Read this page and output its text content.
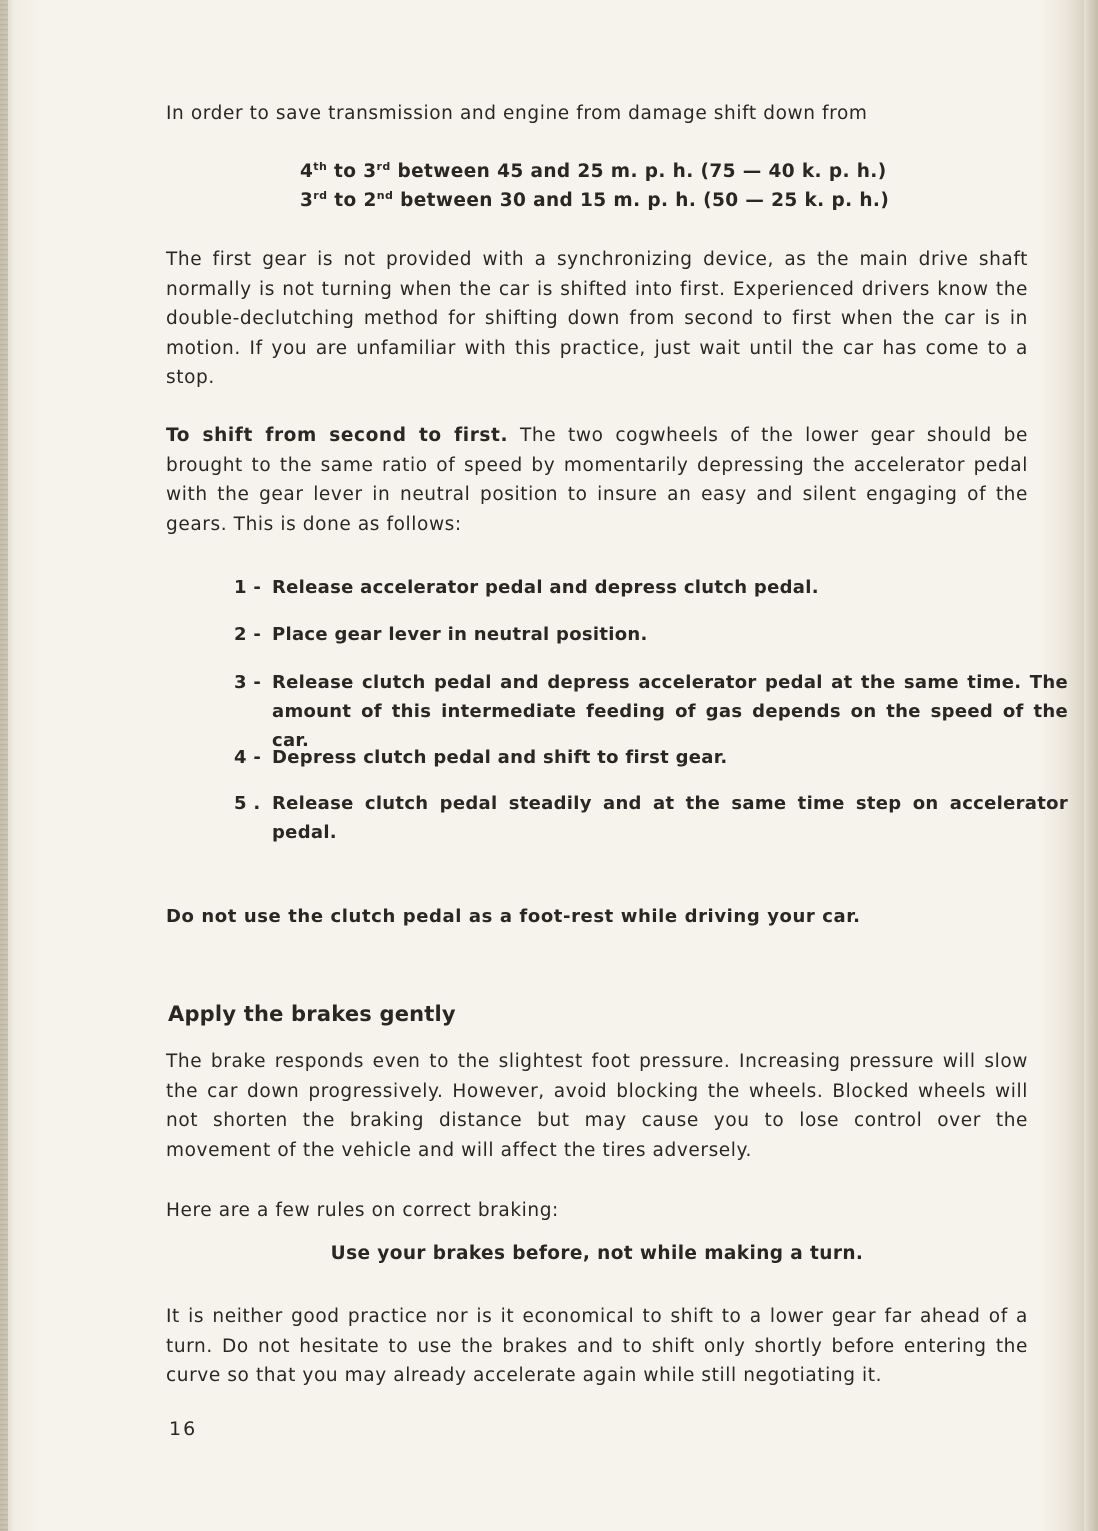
In order to save transmission and engine from damage shift down from

4th to 3rd between 45 and 25 m. p. h. (75 — 40 k. p. h.)

3rd to 2nd between 30 and 15 m. p. h. (50 — 25 k. p. h.)

The first gear is not provided with a synchronizing device, as the main drive shaft normally is not turning when the car is shifted into first. Experienced drivers know the double-declutching method for shifting down from second to first when the car is in motion. If you are unfamiliar with this practice, just wait until the car has come to a stop.

To shift from second to first. The two cogwheels of the lower gear should be brought to the same ratio of speed by momentarily depressing the accelerator pedal with the gear lever in neutral position to insure an easy and silent engaging of the gears. This is done as follows:

1 - Release accelerator pedal and depress clutch pedal.

2 - Place gear lever in neutral position.

3 - Release clutch pedal and depress accelerator pedal at the same time. The amount of this intermediate feeding of gas depends on the speed of the car.

4 - Depress clutch pedal and shift to first gear.

5 . Release clutch pedal steadily and at the same time step on accelerator pedal.

Do not use the clutch pedal as a foot-rest while driving your car.

Apply the brakes gently

The brake responds even to the slightest foot pressure. Increasing pressure will slow the car down progressively. However, avoid blocking the wheels. Blocked wheels will not shorten the braking distance but may cause you to lose control over the movement of the vehicle and will affect the tires adversely.

Here are a few rules on correct braking:

Use your brakes before, not while making a turn.

It is neither good practice nor is it economical to shift to a lower gear far ahead of a turn. Do not hesitate to use the brakes and to shift only shortly before entering the curve so that you may already accelerate again while still negotiating it.

16
